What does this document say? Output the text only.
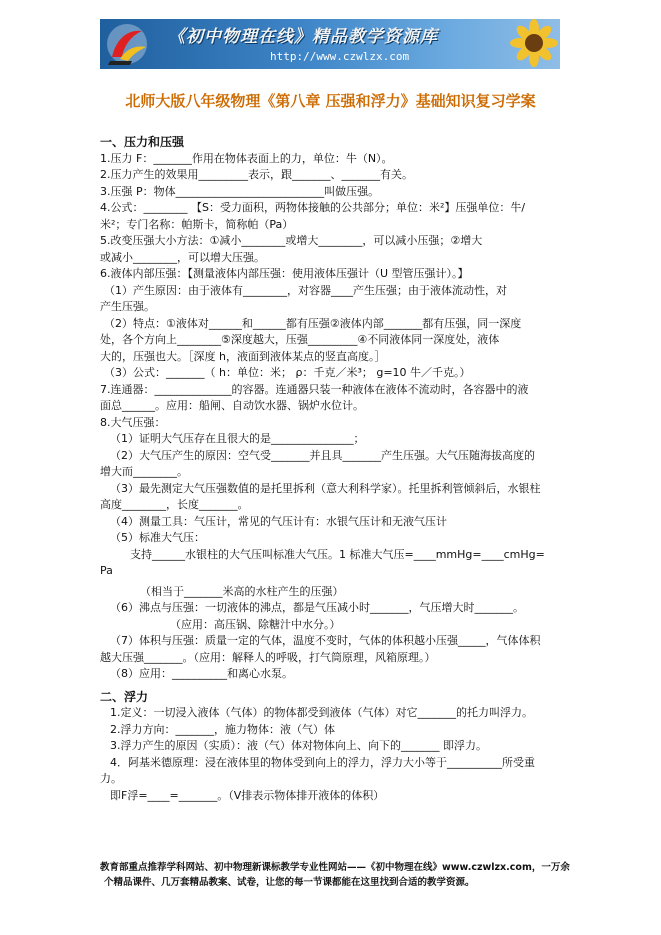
《初中物理在线》精品教学资源库
http://www.czwlzx.com
北师大版八年级物理《第八章 压强和浮力》基础知识复习学案
一、压力和压强
1.压力 F：_______作用在物体表面上的力，单位：牛（N）。
2.压力产生的效果用_________表示，跟_______、_______有关。
3.压强 P：物体___________________________叫做压强。
4.公式：________ 【S：受力面积，两物体接触的公共部分；单位：米²】压强单位：牛/
米²；专门名称：帕斯卡，简称帕（Pa）
5.改变压强大小方法：①减小________或增大________，可以减小压强；②增大
或减小________，可以增大压强。
6.液体内部压强：【测量液体内部压强：使用液体压强计（U 型管压强计）。】
（1）产生原因：由于液体有________，对容器____产生压强；由于液体流动性，对
产生压强。
（2）特点：①液体对______和______都有压强②液体内部_______都有压强，同一深度
处，各个方向上________⑤深度越大，压强_________④不同液体同一深度处，液体
大的，压强也大。［深度 h，液面到液体某点的竖直高度。］
（3）公式：_______（ h：单位：米； ρ：千克／米³； g=10 牛／千克。）
7.连通器：______________的容器。连通器只装一种液体在液体不流动时，各容器中的液
面总______。应用：船闸、自动饮水器、锅炉水位计。
8.大气压强：
（1）证明大气压存在且很大的是_______________；
（2）大气压产生的原因：空气受_______并且具_______产生压强。大气压随海拔高度的
增大而________。
（3）最先测定大气压强数值的是托里拆利（意大利科学家）。托里拆利管倾斜后，水银柱
高度________，长度_______。
（4）测量工具：气压计，常见的气压计有：水银气压计和无液气压计
（5）标准大气压：
支持______水银柱的大气压叫标准大气压。1 标准大气压=____mmHg=____cmHg=
Pa
（相当于_______米高的水柱产生的压强）
（6）沸点与压强：一切液体的沸点，都是气压减小时_______，气压增大时_______。
（应用：高压锅、除糖汁中水分。）
（7）体积与压强：质量一定的气体，温度不变时，气体的体积越小压强_____，气体体积
越大压强_______。（应用：解释人的呼吸，打气筒原理，风箱原理。）
（8）应用：__________和离心水泵。
二、浮力
1.定义：一切浸入液体（气体）的物体都受到液体（气体）对它_______的托力叫浮力。
2.浮力方向：_______，施力物体：液（气）体
3.浮力产生的原因（实质）：液（气）体对物体向上、向下的_______ 即浮力。
4．阿基米德原理：浸在液体里的物体受到向上的浮力，浮力大小等于__________所受重
力。
即F浮=____=_______。（V排表示物体排开液体的体积）
教育部重点推荐学科网站、初中物理新课标教学专业性网站——《初中物理在线》www.czwlzx.com，一万余
个精品课件、几万套精品教案、试卷，让您的每一节课都能在这里找到合适的教学资源。
